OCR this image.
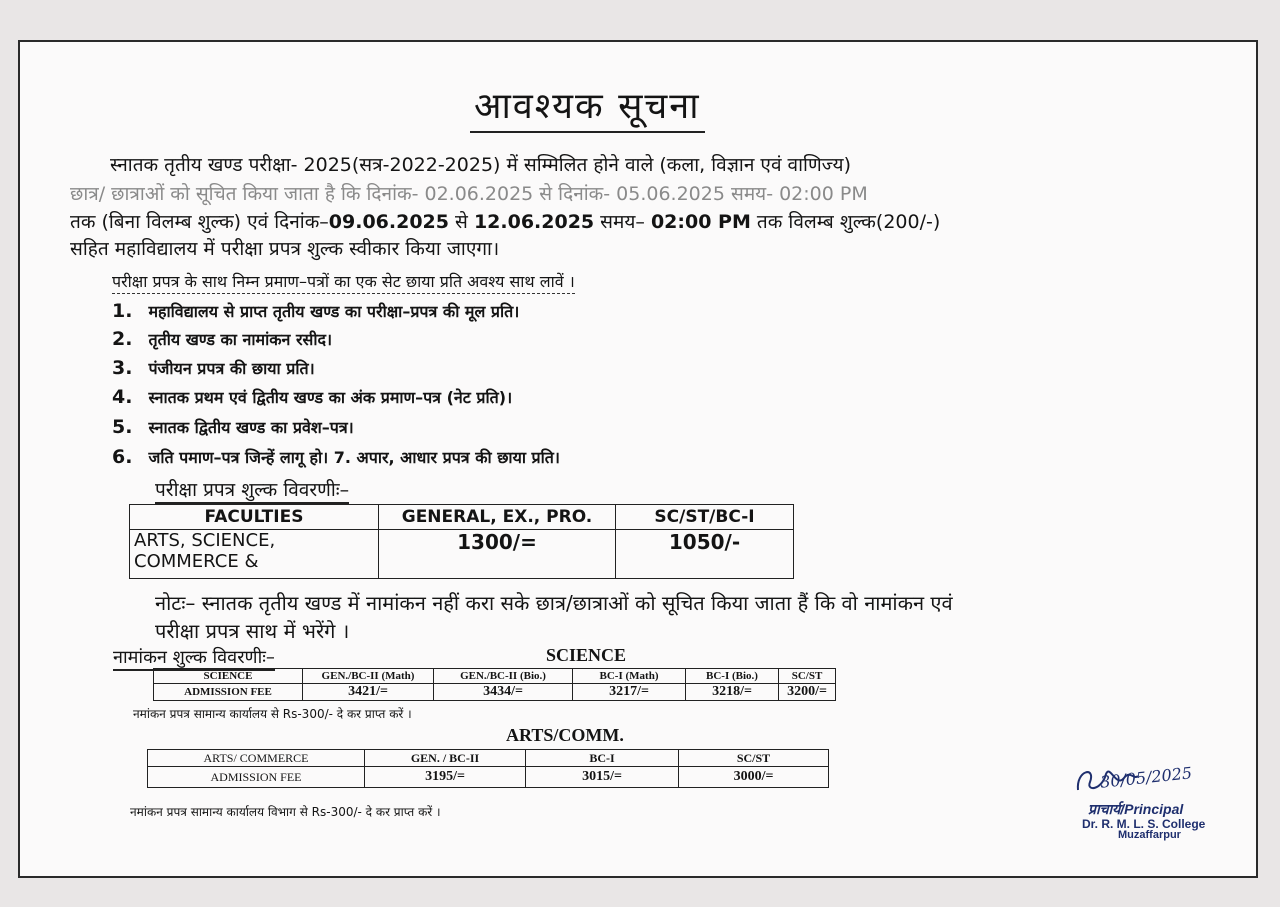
आवश्यक सूचना
स्नातक तृतीय खण्ड परीक्षा- 2025(सत्र-2022-2025) में सम्मिलित होने वाले (कला, विज्ञान एवं वाणिज्य)
छात्र/ छात्राओं को सूचित किया जाता है कि दिनांक- 02.06.2025 से दिनांक- 05.06.2025 समय- 02:00 PM
तक (बिना विलम्ब शुल्क) एवं दिनांक–09.06.2025 से 12.06.2025 समय– 02:00 PM तक विलम्ब शुल्क(200/-)
सहित महाविद्यालय में परीक्षा प्रपत्र शुल्क स्वीकार किया जाएगा।
परीक्षा प्रपत्र के साथ निम्न प्रमाण–पत्रों का एक सेट छाया प्रति अवश्य साथ लावें ।
1. महाविद्यालय से प्राप्त तृतीय खण्ड का परीक्षा–प्रपत्र की मूल प्रति।
2. तृतीय खण्ड का नामांकन रसीद।
3. पंजीयन प्रपत्र की छाया प्रति।
4. स्नातक प्रथम एवं द्वितीय खण्ड का अंक प्रमाण–पत्र (नेट प्रति)।
5. स्नातक द्वितीय खण्ड का प्रवेश–पत्र।
6. जति पमाण–पत्र जिन्हें लागू हो। 7. अपार, आधार प्रपत्र की छाया प्रति।
परीक्षा प्रपत्र शुल्क विवरणीः–
FACULTIES	GENERAL, EX., PRO.	SC/ST/BC-I

ARTS, SCIENCE,
COMMERCE &	1300/=	1050/-
नोटः– स्नातक तृतीय खण्ड में नामांकन नहीं करा सके छात्र/छात्राओं को सूचित किया जाता हैं कि वो नामांकन एवं
परीक्षा प्रपत्र साथ में भरेंगे ।
नामांकन शुल्क विवरणीः–	SCIENCE
SCIENCE	GEN./BC-II (Math)	GEN./BC-II (Bio.)	BC-I (Math)	BC-I (Bio.)	SC/ST
ADMISSION FEE	3421/=	3434/=	3217/=	3218/=	3200/=
नमांकन प्रपत्र सामान्य कार्यालय से Rs-300/- दे कर प्राप्त करें ।
ARTS/COMM.
ARTS/ COMMERCE	GEN. / BC-II	BC-I	SC/ST
ADMISSION FEE	3195/=	3015/=	3000/=
नमांकन प्रपत्र सामान्य कार्यालय विभाग से Rs-300/- दे कर प्राप्त करें ।
30/05/2025
प्राचार्य/Principal
Dr. R. M. L. S. College
Muzaffarpur
